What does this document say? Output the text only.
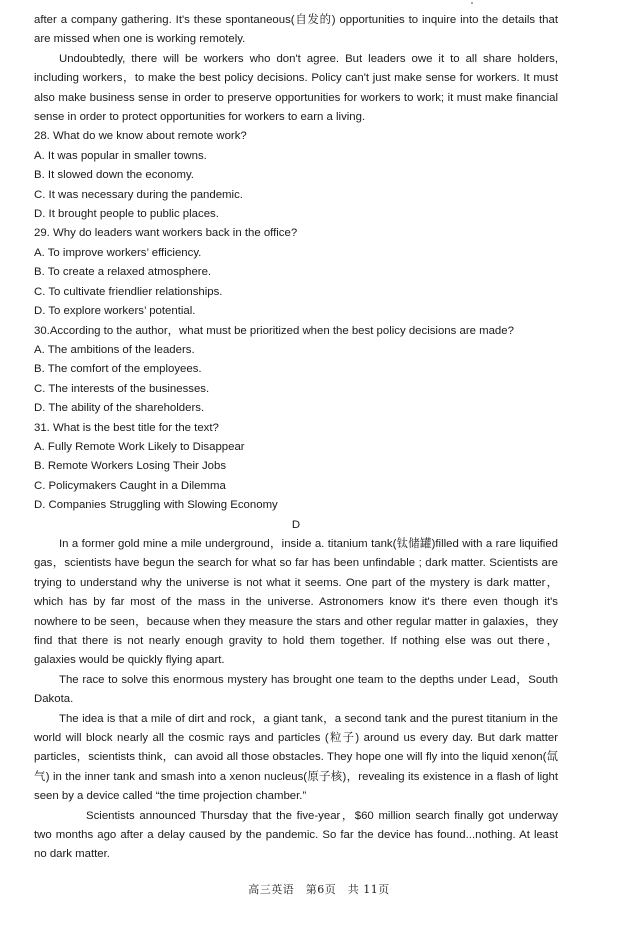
after a company gathering. It's these spontaneous(自发的) opportunities to inquire into the details that are missed when one is working remotely.

Undoubtedly, there will be workers who don't agree. But leaders owe it to all share holders, including workers，to make the best policy decisions. Policy can't just make sense for workers. It must also make business sense in order to preserve opportunities for workers to work; it must make financial sense in order to protect opportunities for workers to earn a living.

28. What do we know about remote work?

A. It was popular in smaller towns.

B. It slowed down the economy.

C. It was necessary during the pandemic.

D. It brought people to public places.

29. Why do leaders want workers back in the office?

A. To improve workers’ efficiency.

B. To create a relaxed atmosphere.

C. To cultivate friendlier relationships.

D. To explore workers’ potential.

30.According to the author，what must be prioritized when the best policy decisions are made?

A. The ambitions of the leaders.

B. The comfort of the employees.

C. The interests of the businesses.

D. The ability of the shareholders.

31. What is the best title for the text?

A. Fully Remote Work Likely to Disappear

B. Remote Workers Losing Their Jobs

C. Policymakers Caught in a Dilemma

D. Companies Struggling with Slowing Economy

D

In a former gold mine a mile underground，inside a. titanium tank(钛储罐)filled with a rare liquified gas，scientists have begun the search for what so far has been unfindable ; dark matter. Scientists are trying to understand why the universe is not what it seems. One part of the mystery is dark matter，which has by far most of the mass in the universe. Astronomers know it's there even though it's nowhere to be seen，because when they measure the stars and other regular matter in galaxies，they find that there is not nearly enough gravity to hold them together. If nothing else was out there，galaxies would be quickly flying apart.

The race to solve this enormous mystery has brought one team to the depths under Lead，South Dakota.

The idea is that a mile of dirt and rock，a giant tank，a second tank and the purest titanium in the world will block nearly all the cosmic rays and particles (粒子) around us every day. But dark matter particles，scientists think，can avoid all those obstacles. They hope one will fly into the liquid xenon(氙气) in the inner tank and smash into a xenon nucleus(原子核)，revealing its existence in a flash of light seen by a device called “the time projection chamber.”

Scientists announced Thursday that the five-year，$60 million search finally got underway two months ago after a delay caused by the pandemic. So far the device has found...nothing. At least no dark matter.

高三英语　第6页　共 11页
